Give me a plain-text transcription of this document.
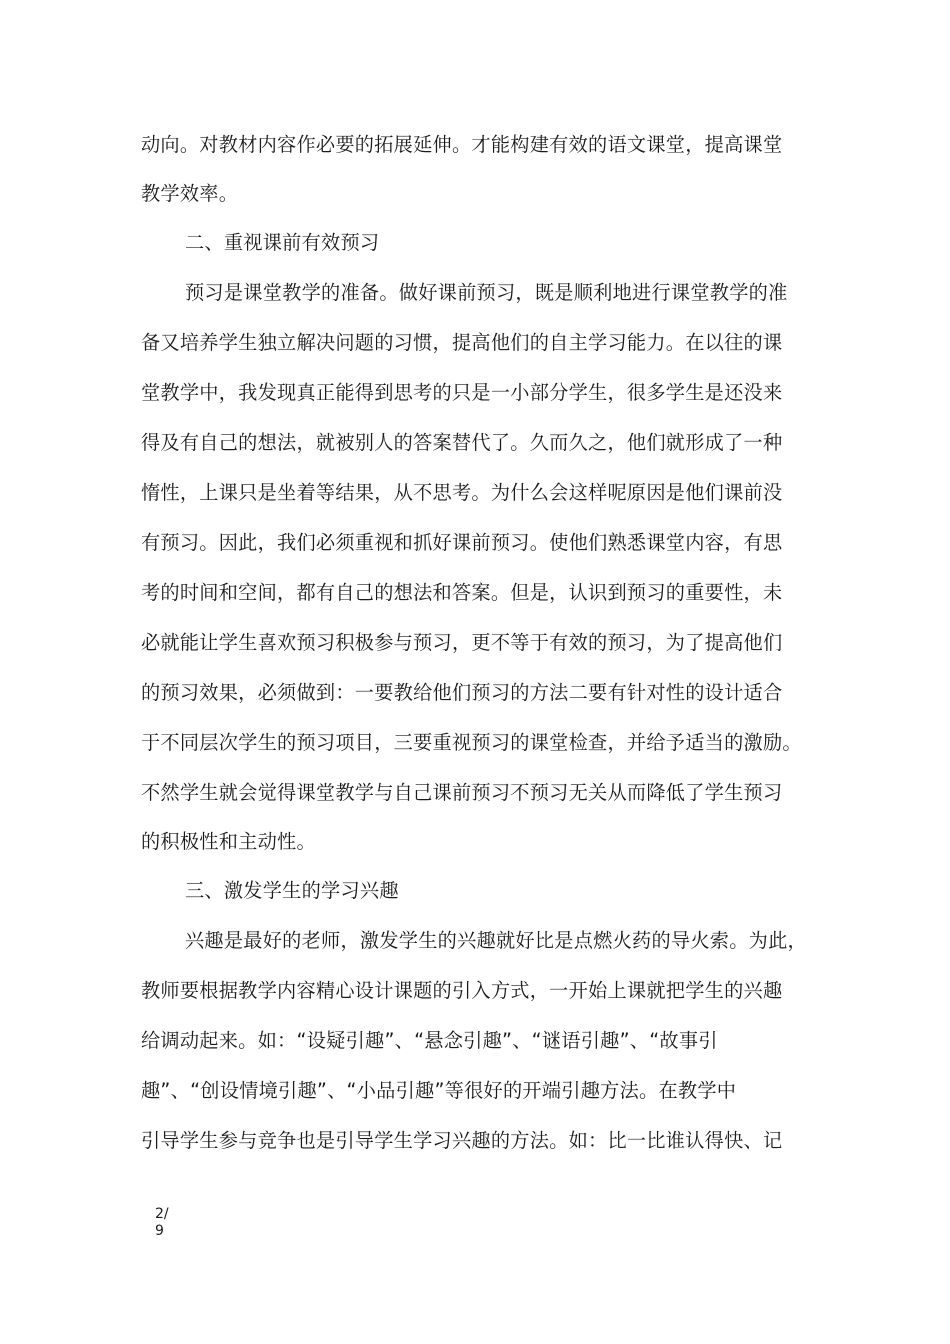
动向。对教材内容作必要的拓展延伸。才能构建有效的语文课堂，提高课堂
教学效率。
二、重视课前有效预习
预习是课堂教学的准备。做好课前预习，既是顺利地进行课堂教学的准
备又培养学生独立解决问题的习惯，提高他们的自主学习能力。在以往的课
堂教学中，我发现真正能得到思考的只是一小部分学生，很多学生是还没来
得及有自己的想法，就被别人的答案替代了。久而久之，他们就形成了一种
惰性，上课只是坐着等结果，从不思考。为什么会这样呢原因是他们课前没
有预习。因此，我们必须重视和抓好课前预习。使他们熟悉课堂内容，有思
考的时间和空间，都有自己的想法和答案。但是，认识到预习的重要性，未
必就能让学生喜欢预习积极参与预习，更不等于有效的预习，为了提高他们
的预习效果，必须做到：一要教给他们预习的方法二要有针对性的设计适合
于不同层次学生的预习项目，三要重视预习的课堂检查，并给予适当的激励。
不然学生就会觉得课堂教学与自己课前预习不预习无关从而降低了学生预习
的积极性和主动性。
三、激发学生的学习兴趣
兴趣是最好的老师，激发学生的兴趣就好比是点燃火药的导火索。为此，
教师要根据教学内容精心设计课题的引入方式，一开始上课就把学生的兴趣
给调动起来。如：“设疑引趣”、“悬念引趣”、“谜语引趣”、“故事引
趣”、“创设情境引趣”、“小品引趣”等很好的开端引趣方法。在教学中
引导学生参与竞争也是引导学生学习兴趣的方法。如：比一比谁认得快、记
2/
9
